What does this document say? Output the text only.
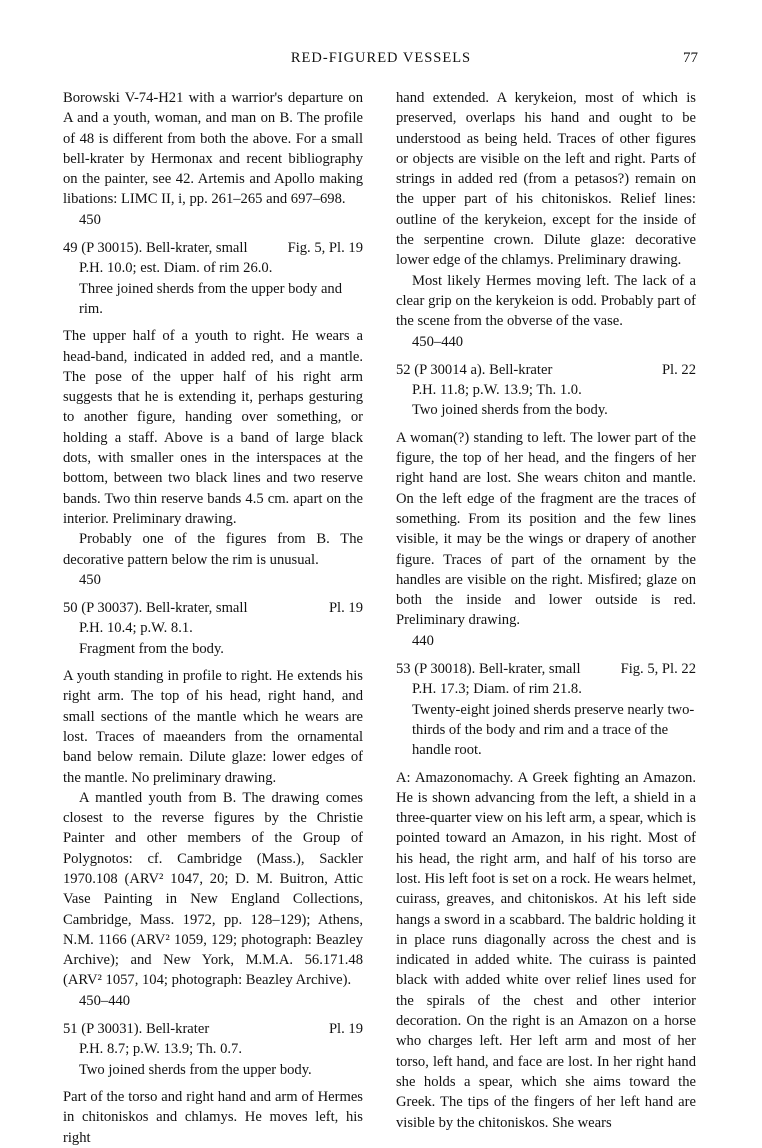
RED-FIGURED VESSELS	77

Borowski V-74-H21 with a warrior's departure on A and a youth, woman, and man on B. The profile of 48 is different from both the above. For a small bell-krater by Hermonax and recent bibliography on the painter, see 42. Artemis and Apollo making libations: LIMC II, i, pp. 261–265 and 697–698.

450
49 (P 30015). Bell-krater, small	Fig. 5, Pl. 19
P.H. 10.0; est. Diam. of rim 26.0.
Three joined sherds from the upper body and rim.

The upper half of a youth to right. He wears a head-band, indicated in added red, and a mantle. The pose of the upper half of his right arm suggests that he is extending it, perhaps gesturing to another figure, handing over something, or holding a staff. Above is a band of large black dots, with smaller ones in the interspaces at the bottom, between two black lines and two reserve bands. Two thin reserve bands 4.5 cm. apart on the interior. Preliminary drawing.

Probably one of the figures from B. The decorative pattern below the rim is unusual.

450
50 (P 30037). Bell-krater, small	Pl. 19
P.H. 10.4; p.W. 8.1.
Fragment from the body.

A youth standing in profile to right. He extends his right arm. The top of his head, right hand, and small sections of the mantle which he wears are lost. Traces of maeanders from the ornamental band below remain. Dilute glaze: lower edges of the mantle. No preliminary drawing.

A mantled youth from B. The drawing comes closest to the reverse figures by the Christie Painter and other members of the Group of Polygnotos: cf. Cambridge (Mass.), Sackler 1970.108 (ARV² 1047, 20; D. M. Buitron, Attic Vase Painting in New England Collections, Cambridge, Mass. 1972, pp. 128–129); Athens, N.M. 1166 (ARV² 1059, 129; photograph: Beazley Archive); and New York, M.M.A. 56.171.48 (ARV² 1057, 104; photograph: Beazley Archive).

450–440
51 (P 30031). Bell-krater	Pl. 19
P.H. 8.7; p.W. 13.9; Th. 0.7.
Two joined sherds from the upper body.

Part of the torso and right hand and arm of Hermes in chitoniskos and chlamys. He moves left, his right

hand extended. A kerykeion, most of which is preserved, overlaps his hand and ought to be understood as being held. Traces of other figures or objects are visible on the left and right. Parts of strings in added red (from a petasos?) remain on the upper part of his chitoniskos. Relief lines: outline of the kerykeion, except for the inside of the serpentine crown. Dilute glaze: decorative lower edge of the chlamys. Preliminary drawing.

Most likely Hermes moving left. The lack of a clear grip on the kerykeion is odd. Probably part of the scene from the obverse of the vase.

450–440
52 (P 30014 a). Bell-krater	Pl. 22
P.H. 11.8; p.W. 13.9; Th. 1.0.
Two joined sherds from the body.

A woman(?) standing to left. The lower part of the figure, the top of her head, and the fingers of her right hand are lost. She wears chiton and mantle. On the left edge of the fragment are the traces of something. From its position and the few lines visible, it may be the wings or drapery of another figure. Traces of part of the ornament by the handles are visible on the right. Misfired; glaze on both the inside and lower outside is red. Preliminary drawing.

440
53 (P 30018). Bell-krater, small	Fig. 5, Pl. 22
P.H. 17.3; Diam. of rim 21.8.
Twenty-eight joined sherds preserve nearly two-thirds of the body and rim and a trace of the handle root.

A: Amazonomachy. A Greek fighting an Amazon. He is shown advancing from the left, a shield in a three-quarter view on his left arm, a spear, which is pointed toward an Amazon, in his right. Most of his head, the right arm, and half of his torso are lost. His left foot is set on a rock. He wears helmet, cuirass, greaves, and chitoniskos. At his left side hangs a sword in a scabbard. The baldric holding it in place runs diagonally across the chest and is indicated in added white. The cuirass is painted black with added white over relief lines used for the spirals of the chest and other interior decoration. On the right is an Amazon on a horse who charges left. Her left arm and most of her torso, left hand, and face are lost. In her right hand she holds a spear, which she aims toward the Greek. The tips of the fingers of her left hand are visible by the chitoniskos. She wears
